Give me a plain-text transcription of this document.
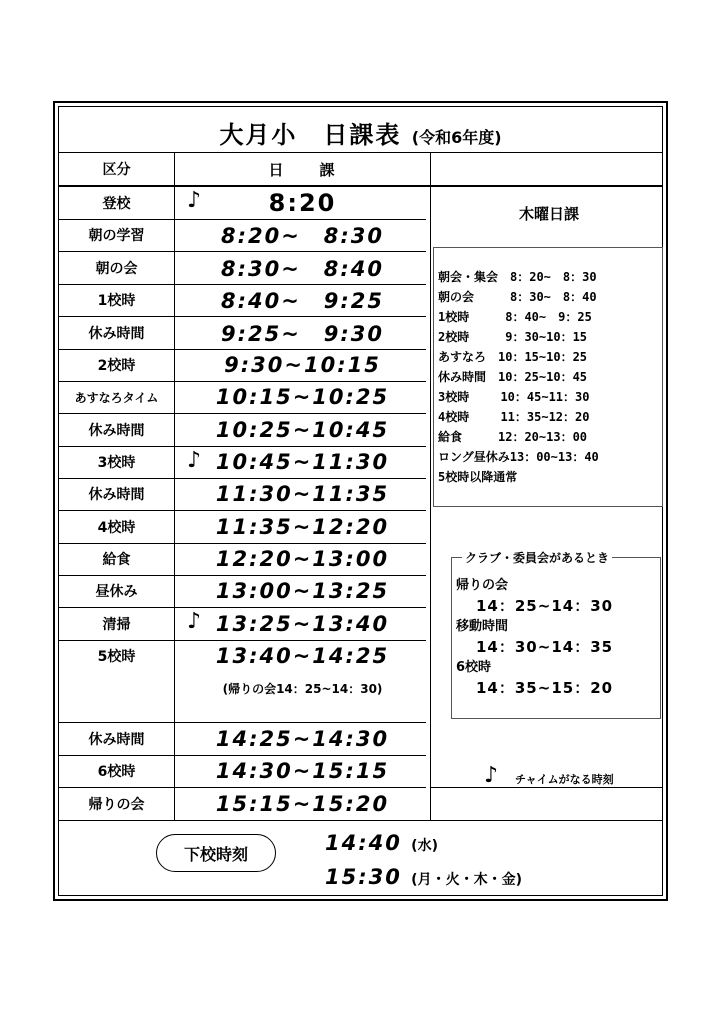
大月小　日課表 (令和6年度)
区分	日　　課
登校	8:20
♪
朝の学習	8:20~　8:30
朝の会	8:30~　8:40
1校時	8:40~　9:25
休み時間	9:25~　9:30
2校時	9:30~10:15
あすなろタイム	10:15~10:25
休み時間	10:25~10:45
3校時	10:45~11:30
♪
休み時間	11:30~11:35
4校時	11:35~12:20
給食	12:20~13:00
昼休み	13:00~13:25
清掃	13:25~13:40
♪
5校時	13:40~14:25
(帰りの会14：25~14：30)
休み時間	14:25~14:30
6校時	14:30~15:15
帰りの会	15:15~15:20
木曜日課
朝会・集会　8：20~　8：30
朝の会　　　8：30~　8：40
1校時　　　8：40~　9：25
2校時　　　9：30~10：15
あすなろ　10：15~10：25
休み時間　10：25~10：45
3校時　　 10：45~11：30
4校時　　 11：35~12：20
給食　　　12：20~13：00
ロング昼休み13：00~13：40
5校時以降通常
クラブ・委員会があるとき
帰りの会
14：25~14：30
移動時間
14：30~14：35
6校時
14：35~15：20
♪ チャイムがなる時刻
下校時刻	14:40 (水)
15:30 (月・火・木・金)
